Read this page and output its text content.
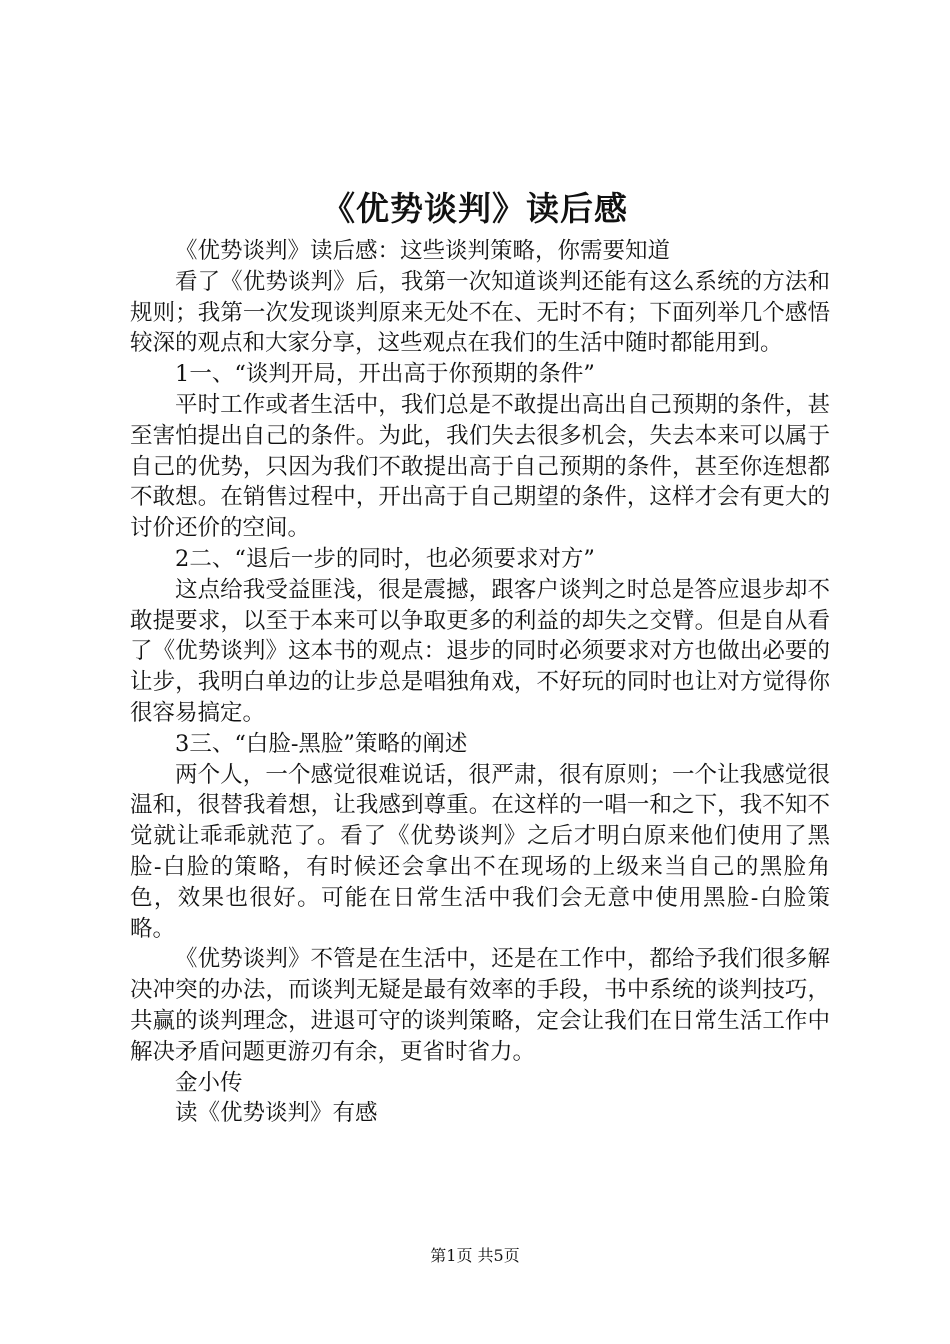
《优势谈判》读后感

《优势谈判》读后感：这些谈判策略，你需要知道

看了《优势谈判》后，我第一次知道谈判还能有这么系统的方法和规则；我第一次发现谈判原来无处不在、无时不有；下面列举几个感悟较深的观点和大家分享，这些观点在我们的生活中随时都能用到。

1一、“谈判开局，开出高于你预期的条件”

平时工作或者生活中，我们总是不敢提出高出自己预期的条件，甚至害怕提出自己的条件。为此，我们失去很多机会，失去本来可以属于自己的优势，只因为我们不敢提出高于自己预期的条件，甚至你连想都不敢想。在销售过程中，开出高于自己期望的条件，这样才会有更大的讨价还价的空间。

2二、“退后一步的同时，也必须要求对方”

这点给我受益匪浅，很是震撼，跟客户谈判之时总是答应退步却不敢提要求，以至于本来可以争取更多的利益的却失之交臂。但是自从看了《优势谈判》这本书的观点：退步的同时必须要求对方也做出必要的让步，我明白单边的让步总是唱独角戏，不好玩的同时也让对方觉得你很容易搞定。

3三、“白脸-黑脸”策略的阐述

两个人，一个感觉很难说话，很严肃，很有原则；一个让我感觉很温和，很替我着想，让我感到尊重。在这样的一唱一和之下，我不知不觉就让乖乖就范了。看了《优势谈判》之后才明白原来他们使用了黑脸-白脸的策略，有时候还会拿出不在现场的上级来当自己的黑脸角色，效果也很好。可能在日常生活中我们会无意中使用黑脸-白脸策略。

《优势谈判》不管是在生活中，还是在工作中，都给予我们很多解决冲突的办法，而谈判无疑是最有效率的手段，书中系统的谈判技巧，共赢的谈判理念，进退可守的谈判策略，定会让我们在日常生活工作中解决矛盾问题更游刃有余，更省时省力。

金小传

读《优势谈判》有感

第1页 共5页
